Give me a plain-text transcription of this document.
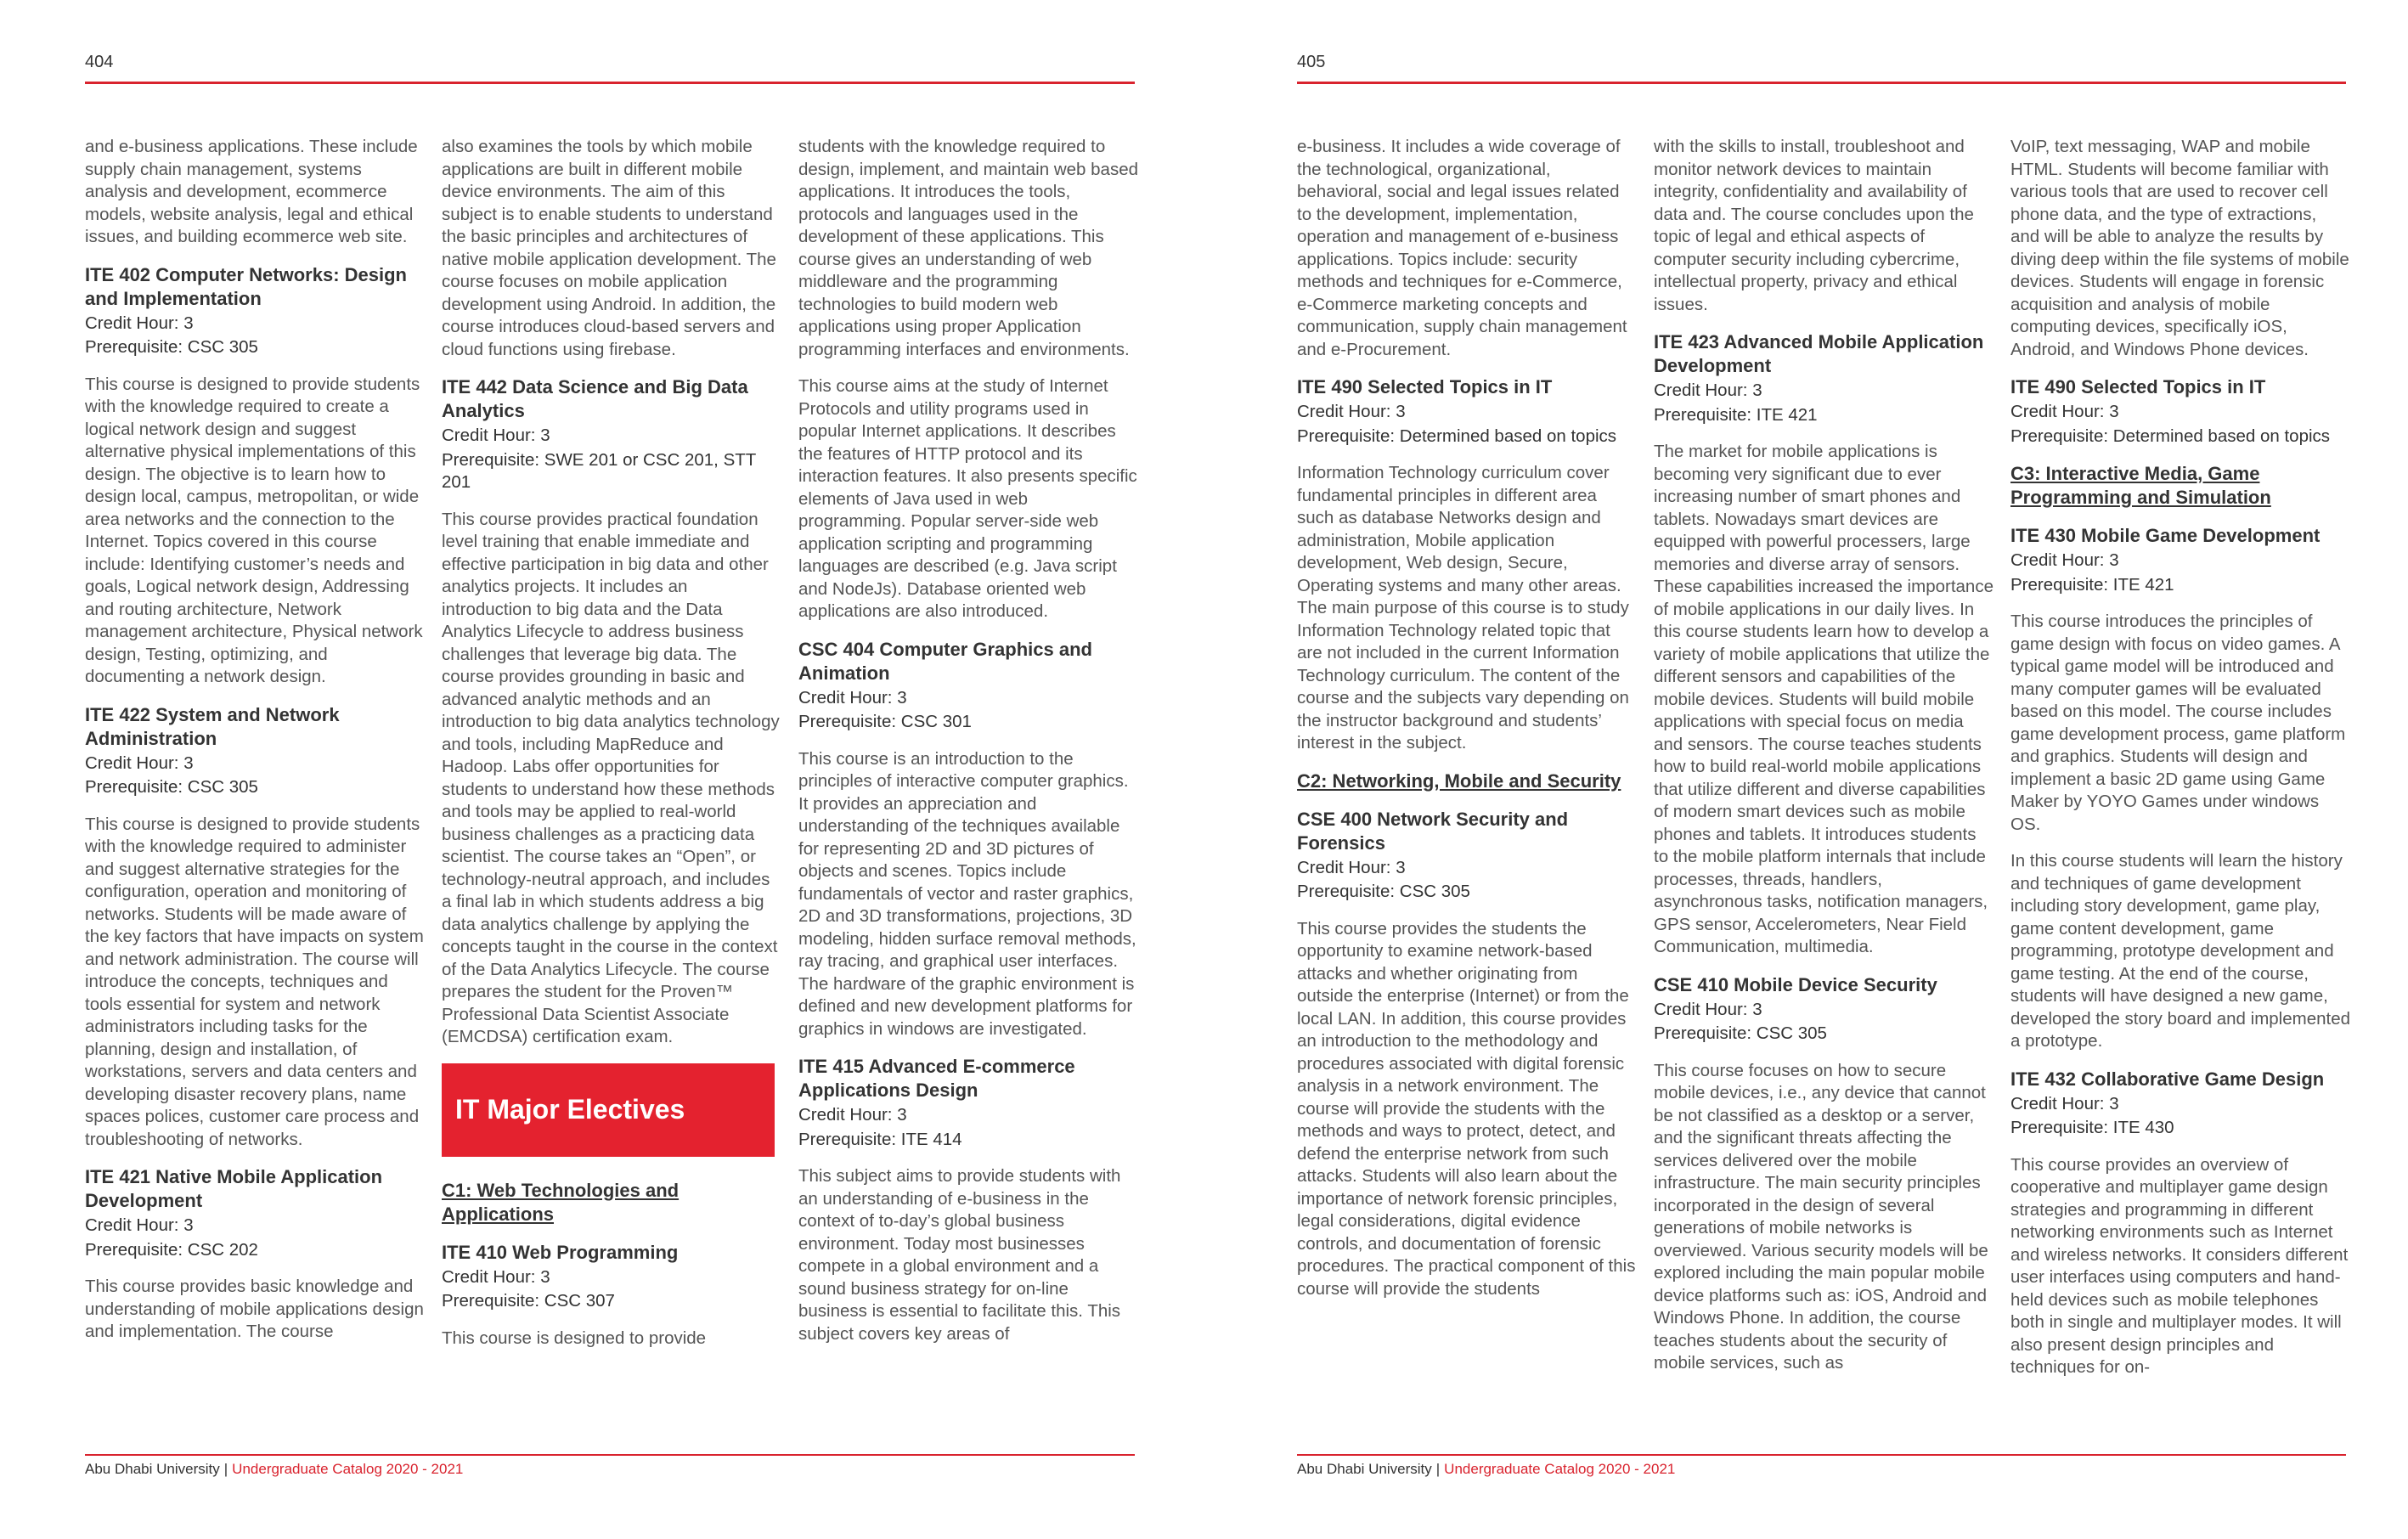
404

and e-business applications. These include supply chain management, systems analysis and development, ecommerce models, website analysis, legal and ethical issues, and building ecommerce web site.

ITE 402 Computer Networks: Design and Implementation
Credit Hour: 3
Prerequisite: CSC 305

This course is designed to provide students with the knowledge required to create a logical network design and suggest alternative physical implementations of this design. The objective is to learn how to design local, campus, metropolitan, or wide area networks and the connection to the Internet. Topics covered in this course include: Identifying customer’s needs and goals, Logical network design, Addressing and routing architecture, Network management architecture, Physical network design, Testing, optimizing, and documenting a network design.

ITE 422 System and Network Administration
Credit Hour: 3
Prerequisite: CSC 305

This course is designed to provide students with the knowledge required to administer and suggest alternative strategies for the configuration, operation and monitoring of networks. Students will be made aware of the key factors that have impacts on system and network administration. The course will introduce the concepts, techniques and tools essential for system and network administrators including tasks for the planning, design and installation, of workstations, servers and data centers and developing disaster recovery plans, name spaces polices, customer care process and troubleshooting of networks.

ITE 421 Native Mobile Application Development
Credit Hour: 3
Prerequisite: CSC 202

This course provides basic knowledge and understanding of mobile applications design and implementation. The course

also examines the tools by which mobile applications are built in different mobile device environments. The aim of this subject is to enable students to understand the basic principles and architectures of native mobile application development. The course focuses on mobile application development using Android. In addition, the course introduces cloud-based servers and cloud functions using firebase.

ITE 442 Data Science and Big Data Analytics
Credit Hour: 3
Prerequisite: SWE 201 or CSC 201, STT 201

This course provides practical foundation level training that enable immediate and effective participation in big data and other analytics projects. It includes an introduction to big data and the Data Analytics Lifecycle to address business challenges that leverage big data. The course provides grounding in basic and advanced analytic methods and an introduction to big data analytics technology and tools, including MapReduce and Hadoop. Labs offer opportunities for students to understand how these methods and tools may be applied to real-world business challenges as a practicing data scientist. The course takes an “Open”, or technology-neutral approach, and includes a final lab in which students address a big data analytics challenge by applying the concepts taught in the course in the context of the Data Analytics Lifecycle. The course prepares the student for the Proven™ Professional Data Scientist Associate (EMCDSA) certification exam.

IT Major Electives
C1: Web Technologies and Applications
ITE 410 Web Programming
Credit Hour: 3
Prerequisite: CSC 307

This course is designed to provide

students with the knowledge required to design, implement, and maintain web based applications. It introduces the tools, protocols and languages used in the development of these applications. This course gives an understanding of web middleware and the programming technologies to build modern web applications using proper Application programming interfaces and environments.

This course aims at the study of Internet Protocols and utility programs used in popular Internet applications. It describes the features of HTTP protocol and its interaction features. It also presents specific elements of Java used in web programming. Popular server-side web application scripting and programming languages are described (e.g. Java script and NodeJs). Database oriented web applications are also introduced.

CSC 404 Computer Graphics and Animation
Credit Hour: 3
Prerequisite: CSC 301

This course is an introduction to the principles of interactive computer graphics. It provides an appreciation and understanding of the techniques available for representing 2D and 3D pictures of objects and scenes. Topics include fundamentals of vector and raster graphics, 2D and 3D transformations, projections, 3D modeling, hidden surface removal methods, ray tracing, and graphical user interfaces. The hardware of the graphic environment is defined and new development platforms for graphics in windows are investigated.

ITE 415 Advanced E-commerce Applications Design
Credit Hour: 3
Prerequisite: ITE 414

This subject aims to provide students with an understanding of e-business in the context of to-day’s global business environment. Today most businesses compete in a global environment and a sound business strategy for on-line business is essential to facilitate this. This subject covers key areas of

Abu Dhabi University | Undergraduate Catalog 2020 - 2021
405

e-business. It includes a wide coverage of the technological, organizational, behavioral, social and legal issues related to the development, implementation, operation and management of e-business applications. Topics include: security methods and techniques for e-Commerce, e-Commerce marketing concepts and communication, supply chain management and e-Procurement.

ITE 490 Selected Topics in IT
Credit Hour: 3
Prerequisite: Determined based on topics

Information Technology curriculum cover fundamental principles in different area such as database Networks design and administration, Mobile application development, Web design, Secure, Operating systems and many other areas. The main purpose of this course is to study Information Technology related topic that are not included in the current Information Technology curriculum. The content of the course and the subjects vary depending on the instructor background and students’ interest in the subject.

C2: Networking, Mobile and Security
CSE 400 Network Security and Forensics
Credit Hour: 3
Prerequisite: CSC 305

This course provides the students the opportunity to examine network-based attacks and whether originating from outside the enterprise (Internet) or from the local LAN. In addition, this course provides an introduction to the methodology and procedures associated with digital forensic analysis in a network environment. The course will provide the students with the methods and ways to protect, detect, and defend the enterprise network from such attacks. Students will also learn about the importance of network forensic principles, legal considerations, digital evidence controls, and documentation of forensic procedures. The practical component of this course will provide the students

with the skills to install, troubleshoot and monitor network devices to maintain integrity, confidentiality and availability of data and. The course concludes upon the topic of legal and ethical aspects of computer security including cybercrime, intellectual property, privacy and ethical issues.

ITE 423 Advanced Mobile Application Development
Credit Hour: 3
Prerequisite: ITE 421

The market for mobile applications is becoming very significant due to ever increasing number of smart phones and tablets. Nowadays smart devices are equipped with powerful processers, large memories and diverse array of sensors. These capabilities increased the importance of mobile applications in our daily lives. In this course students learn how to develop a variety of mobile applications that utilize the different sensors and capabilities of the mobile devices. Students will build mobile applications with special focus on media and sensors. The course teaches students how to build real-world mobile applications that utilize different and diverse capabilities of modern smart devices such as mobile phones and tablets. It introduces students to the mobile platform internals that include processes, threads, handlers, asynchronous tasks, notification managers, GPS sensor, Accelerometers, Near Field Communication, multimedia.

CSE 410 Mobile Device Security
Credit Hour: 3
Prerequisite: CSC 305

This course focuses on how to secure mobile devices, i.e., any device that cannot be not classified as a desktop or a server, and the significant threats affecting the services delivered over the mobile infrastructure. The main security principles incorporated in the design of several generations of mobile networks is overviewed. Various security models will be explored including the main popular mobile device platforms such as: iOS, Android and Windows Phone. In addition, the course teaches students about the security of mobile services, such as

VoIP, text messaging, WAP and mobile HTML. Students will become familiar with various tools that are used to recover cell phone data, and the type of extractions, and will be able to analyze the results by diving deep within the file systems of mobile devices. Students will engage in forensic acquisition and analysis of mobile computing devices, specifically iOS, Android, and Windows Phone devices.

ITE 490 Selected Topics in IT
Credit Hour: 3
Prerequisite: Determined based on topics
C3: Interactive Media, Game Programming and Simulation
ITE 430 Mobile Game Development
Credit Hour: 3
Prerequisite: ITE 421

This course introduces the principles of game design with focus on video games. A typical game model will be introduced and many computer games will be evaluated based on this model. The course includes game development process, game platform and graphics. Students will design and implement a basic 2D game using Game Maker by YOYO Games under windows OS.

In this course students will learn the history and techniques of game development including story development, game play, game content development, game programming, prototype development and game testing. At the end of the course, students will have designed a new game, developed the story board and implemented a prototype.

ITE 432 Collaborative Game Design
Credit Hour: 3
Prerequisite: ITE 430

This course provides an overview of cooperative and multiplayer game design strategies and programming in different networking environments such as Internet and wireless networks. It considers different user interfaces using computers and hand-held devices such as mobile telephones both in single and multiplayer modes. It will also present design principles and techniques for on-

Abu Dhabi University | Undergraduate Catalog 2020 - 2021
